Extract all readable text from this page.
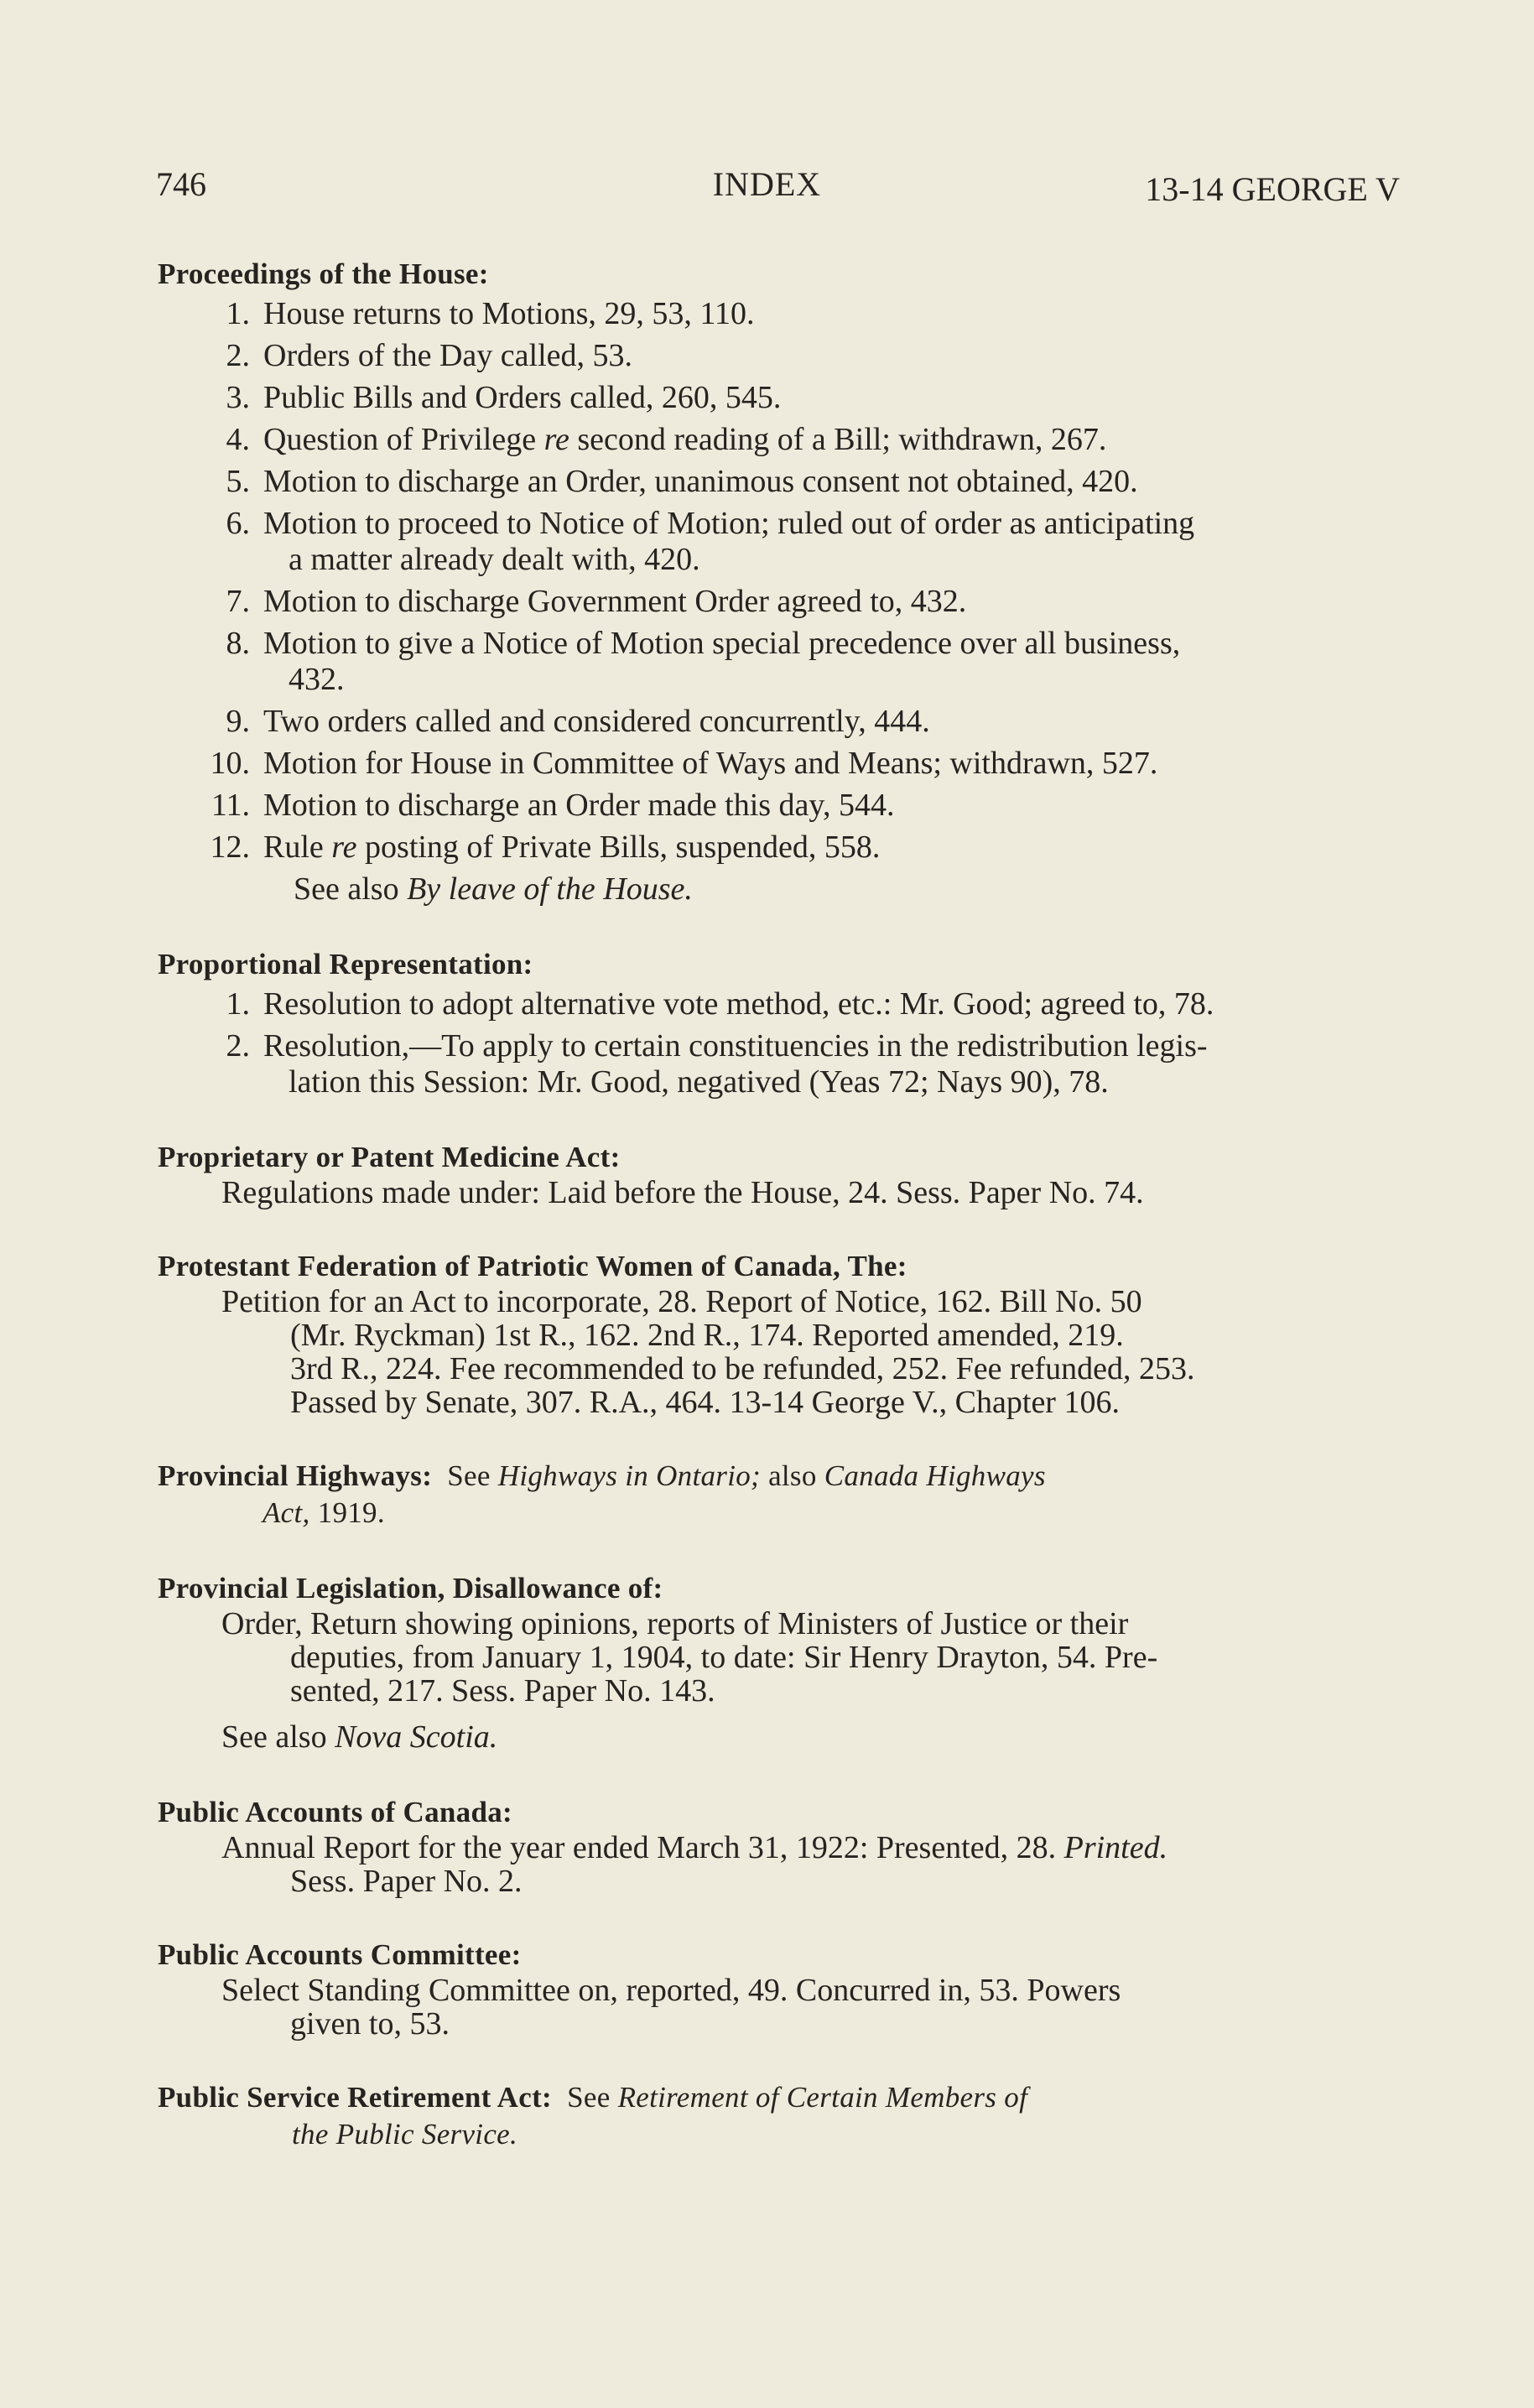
746	INDEX	13-14 GEORGE V
Proceedings of the House:
1. House returns to Motions, 29, 53, 110.
2. Orders of the Day called, 53.
3. Public Bills and Orders called, 260, 545.
4. Question of Privilege re second reading of a Bill; withdrawn, 267.
5. Motion to discharge an Order, unanimous consent not obtained, 420.
6. Motion to proceed to Notice of Motion; ruled out of order as anticipating
a matter already dealt with, 420.
7. Motion to discharge Government Order agreed to, 432.
8. Motion to give a Notice of Motion special precedence over all business,
432.
9. Two orders called and considered concurrently, 444.
10. Motion for House in Committee of Ways and Means; withdrawn, 527.
11. Motion to discharge an Order made this day, 544.
12. Rule re posting of Private Bills, suspended, 558.
See also By leave of the House.
Proportional Representation:
1. Resolution to adopt alternative vote method, etc.: Mr. Good; agreed to, 78.
2. Resolution,—To apply to certain constituencies in the redistribution legis-
lation this Session: Mr. Good, negatived (Yeas 72; Nays 90), 78.
Proprietary or Patent Medicine Act:
Regulations made under: Laid before the House, 24. Sess. Paper No. 74.
Protestant Federation of Patriotic Women of Canada, The:
Petition for an Act to incorporate, 28. Report of Notice, 162. Bill No. 50
(Mr. Ryckman) 1st R., 162. 2nd R., 174. Reported amended, 219.
3rd R., 224. Fee recommended to be refunded, 252. Fee refunded, 253.
Passed by Senate, 307. R.A., 464. 13-14 George V., Chapter 106.
Provincial Highways: See Highways in Ontario; also Canada Highways
Act, 1919.
Provincial Legislation, Disallowance of:
Order, Return showing opinions, reports of Ministers of Justice or their
deputies, from January 1, 1904, to date: Sir Henry Drayton, 54. Pre-
sented, 217. Sess. Paper No. 143.
See also Nova Scotia.
Public Accounts of Canada:
Annual Report for the year ended March 31, 1922: Presented, 28. Printed.
Sess. Paper No. 2.
Public Accounts Committee:
Select Standing Committee on, reported, 49. Concurred in, 53. Powers
given to, 53.
Public Service Retirement Act: See Retirement of Certain Members of
the Public Service.
